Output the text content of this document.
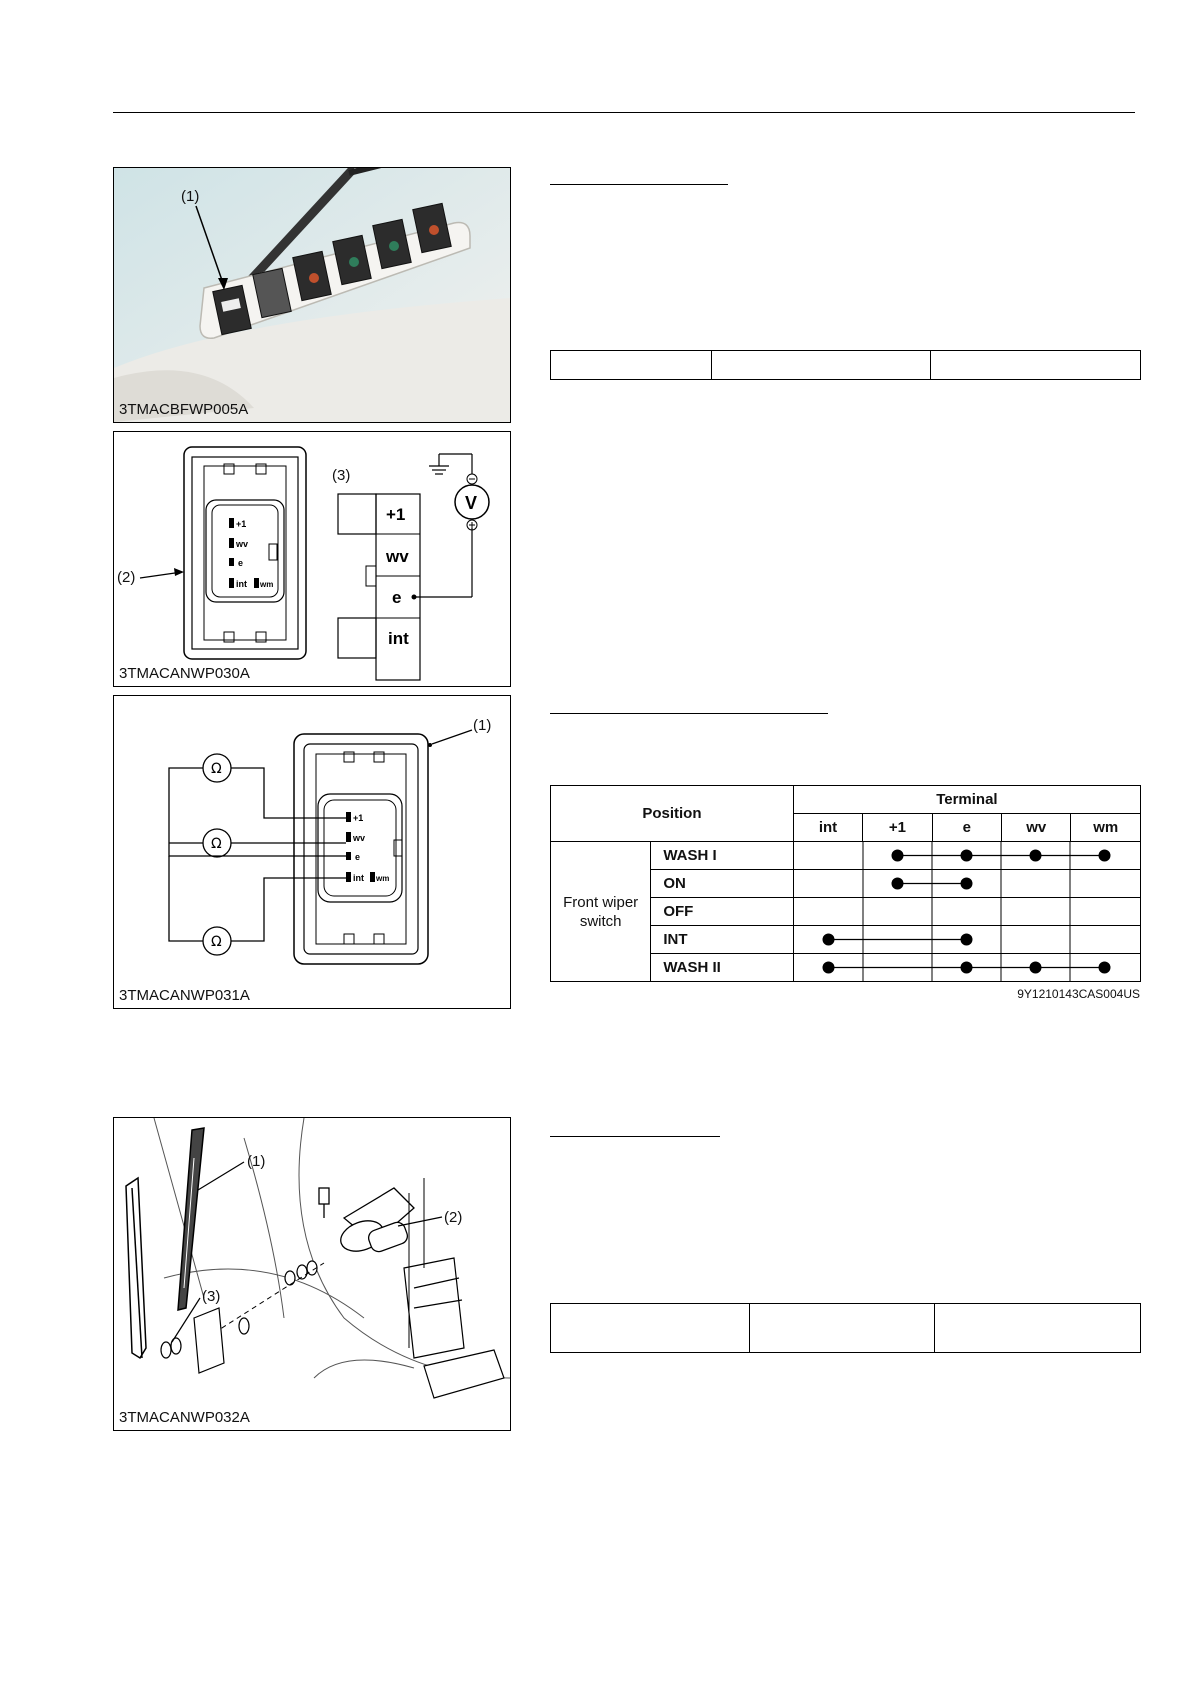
(1)
3TMACBFWP005A
+1
wv
e
int wm
(2)
(3)
+1
wv
e
int
V
3TMACANWP030A
+1
wv
e
int wm
Ω
Ω
Ω
(1)
3TMACANWP031A
(1)
(2)
(3)
3TMACANWP032A

Position		Terminal				
		int	+1	e	wv	wm
Front wiper switch	WASH I	

	ON	

	OFF	

	INT	

	WASH II	
9Y1210143CAS004US
